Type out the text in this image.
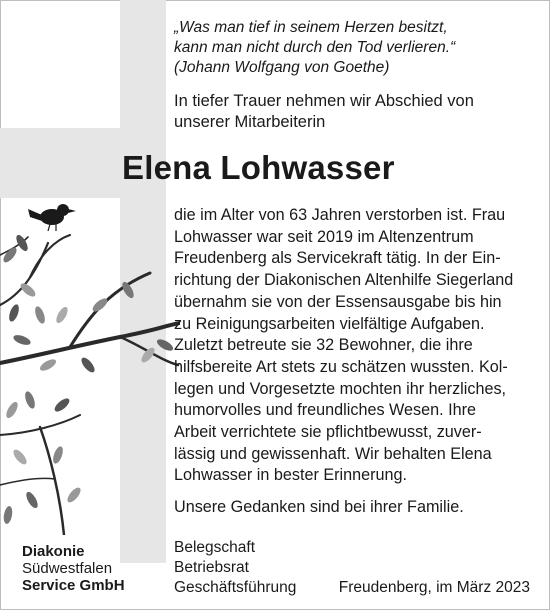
„Was man tief in seinem Herzen besitzt,
kann man nicht durch den Tod verlieren.“
(Johann Wolfgang von Goethe)

In tiefer Trauer nehmen wir Abschied von
unserer Mitarbeiterin

Elena Lohwasser

die im Alter von 63 Jahren verstorben ist. Frau
Lohwasser war seit 2019 im Altenzentrum
Freudenberg als Servicekraft tätig. In der Ein-
richtung der Diakonischen Altenhilfe Siegerland
übernahm sie von der Essensausgabe bis hin
zu Reinigungsarbeiten vielfältige Aufgaben.
Zuletzt betreute sie 32 Bewohner, die ihre
hilfsbereite Art stets zu schätzen wussten. Kol-
legen und Vorgesetzte mochten ihr herzliches,
humorvolles und freundliches Wesen. Ihre
Arbeit verrichtete sie pflichtbewusst, zuver-
lässig und gewissenhaft. Wir behalten Elena
Lohwasser in bester Erinnerung.

Unsere Gedanken sind bei ihrer Familie.

Belegschaft
Betriebsrat
Geschäftsführung	Freudenberg, im März 2023

Diakonie
Südwestfalen
Service GmbH
